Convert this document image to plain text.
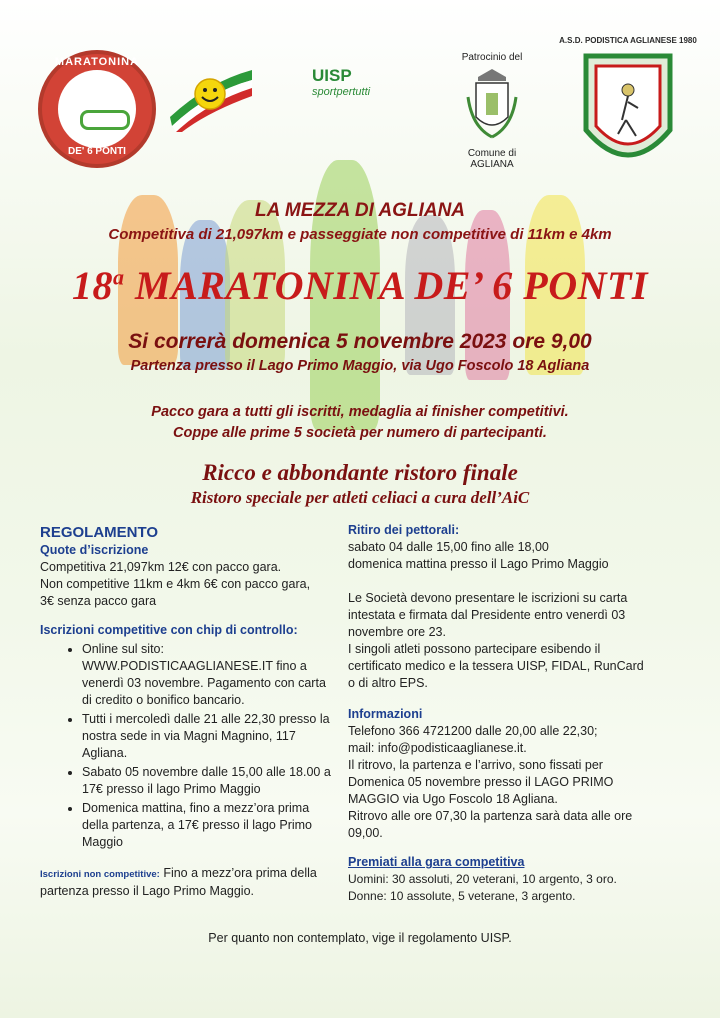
MARATONINA
DE' 6 PONTI
UISP
sportpertutti
Patrocinio del
Comune di
AGLIANA
A.S.D. PODISTICA AGLIANESE 1980
LA MEZZA DI AGLIANA
Competitiva di 21,097km e passeggiate non competitive di 11km e 4km
18$^a$ MARATONINA DE’ 6 PONTI
Si correrà domenica 5 novembre 2023 ore 9,00
Partenza presso il Lago Primo Maggio, via Ugo Foscolo 18 Agliana
Pacco gara a tutti gli iscritti, medaglia ai finisher competitivi.
Coppe alle prime 5 società per numero di partecipanti.
Ricco e abbondante ristoro finale
Ristoro speciale per atleti celiaci a cura dell’AiC
REGOLAMENTO
Quote d’iscrizione
Competitiva 21,097km 12€ con pacco gara.
Non competitive 11km e 4km 6€ con pacco gara,
3€ senza pacco gara
Iscrizioni competitive con chip di controllo:
• Online sul sito: WWW.PODISTICAAGLIANESE.IT fino a venerdì 03 novembre. Pagamento con carta di credito o bonifico bancario.
• Tutti i mercoledì dalle 21 alle 22,30 presso la nostra sede in via Magni Magnino, 117 Agliana.
• Sabato 05 novembre dalle 15,00 alle 18.00 a 17€ presso il lago Primo Maggio
• Domenica mattina, fino a mezz’ora prima della partenza, a 17€ presso il lago Primo Maggio
Iscrizioni non competitive: Fino a mezz’ora prima della partenza presso il Lago Primo Maggio.
Ritiro dei pettorali:
sabato 04 dalle 15,00 fino alle 18,00
domenica mattina presso il Lago Primo Maggio
Le Società devono presentare le iscrizioni su carta intestata e firmata dal Presidente entro venerdì 03 novembre ore 23.
I singoli atleti possono partecipare esibendo il certificato medico e la tessera UISP, FIDAL, RunCard o di altro EPS.
Informazioni
Telefono 366 4721200 dalle 20,00 alle 22,30;
mail: info@podisticaaglianese.it.
Il ritrovo, la partenza e l’arrivo, sono fissati per Domenica 05 novembre presso il LAGO PRIMO MAGGIO via Ugo Foscolo 18 Agliana.
Ritrovo alle ore 07,30 la partenza sarà data alle ore 09,00.
Premiati alla gara competitiva
Uomini: 30 assoluti, 20 veterani, 10 argento, 3 oro.
Donne: 10 assolute, 5 veterane, 3 argento.
Per quanto non contemplato, vige il regolamento UISP.
